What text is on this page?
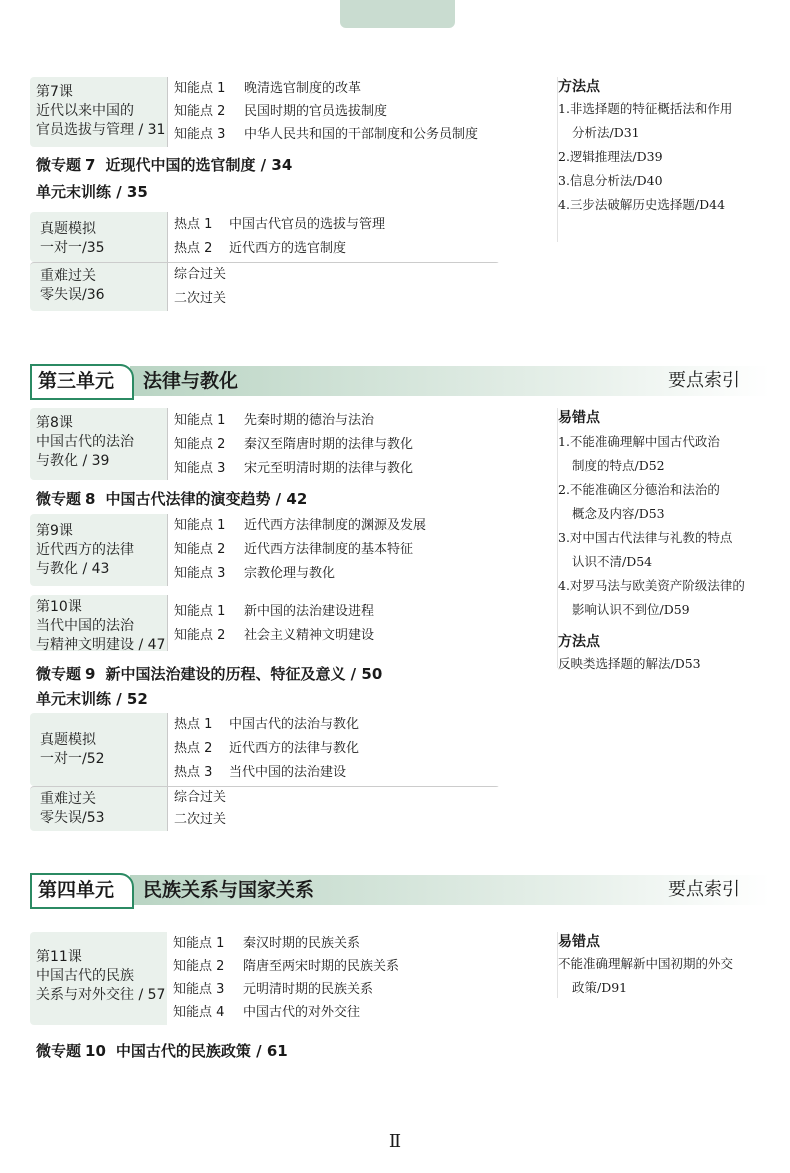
第7课
近代以来中国的
官员选拔与管理 / 31
知能点 1 晚清选官制度的改革
知能点 2 民国时期的官员选拔制度
知能点 3 中华人民共和国的干部制度和公务员制度
微专题 7 近现代中国的选官制度 / 34
单元末训练 / 35
真题模拟
一对一/35
热点 1 中国古代官员的选拔与管理
热点 2 近代西方的选官制度
重难过关
零失误/36
综合过关
二次过关
方法点
1.非选择题的特征概括法和作用
分析法/D31
2.逻辑推理法/D39
3.信息分析法/D40
4.三步法破解历史选择题/D44
第三单元	法律与教化	要点索引
第8课
中国古代的法治
与教化 / 39
知能点 1 先秦时期的德治与法治
知能点 2 秦汉至隋唐时期的法律与教化
知能点 3 宋元至明清时期的法律与教化
微专题 8 中国古代法律的演变趋势 / 42
第9课
近代西方的法律
与教化 / 43
知能点 1 近代西方法律制度的渊源及发展
知能点 2 近代西方法律制度的基本特征
知能点 3 宗教伦理与教化
第10课
当代中国的法治
与精神文明建设 / 47
知能点 1 新中国的法治建设进程
知能点 2 社会主义精神文明建设
微专题 9 新中国法治建设的历程、特征及意义 / 50
单元末训练 / 52
真题模拟
一对一/52
热点 1 中国古代的法治与教化
热点 2 近代西方的法律与教化
热点 3 当代中国的法治建设
重难过关
零失误/53
综合过关
二次过关
易错点
1.不能准确理解中国古代政治
制度的特点/D52
2.不能准确区分德治和法治的
概念及内容/D53
3.对中国古代法律与礼教的特点
认识不清/D54
4.对罗马法与欧美资产阶级法律的
影响认识不到位/D59
方法点
反映类选择题的解法/D53
第四单元	民族关系与国家关系	要点索引
第11课
中国古代的民族
关系与对外交往 / 57
知能点 1 秦汉时期的民族关系
知能点 2 隋唐至两宋时期的民族关系
知能点 3 元明清时期的民族关系
知能点 4 中国古代的对外交往
微专题 10 中国古代的民族政策 / 61
易错点
不能准确理解新中国初期的外交
政策/D91
Ⅱ
